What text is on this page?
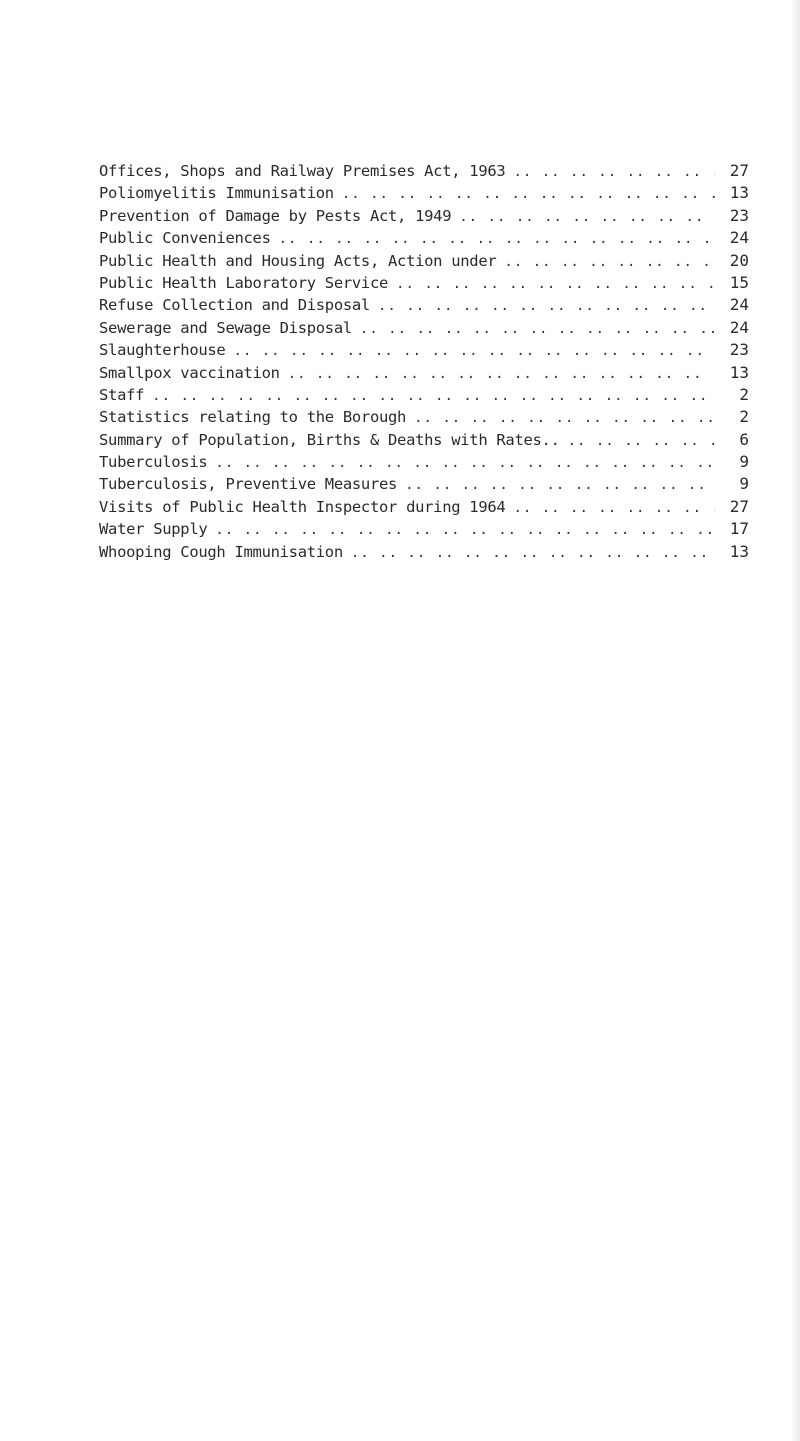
Offices, Shops and Railway Premises Act, 1963 .. ..	27
Poliomyelitis Immunisation .. ..	13
Prevention of Damage by Pests Act, 1949 .. ..	23
Public Conveniences .. ..	24
Public Health and Housing Acts, Action under .. ..	20
Public Health Laboratory Service .. ..	15
Refuse Collection and Disposal .. ..	24
Sewerage and Sewage Disposal .. ..	24
Slaughterhouse .. ..	23
Smallpox vaccination .. ..	13
Staff .. ..	2
Statistics relating to the Borough .. ..	2
Summary of Population, Births & Deaths with Rates.. .. ..	6
Tuberculosis .. ..	9
Tuberculosis, Preventive Measures .. ..	9
Visits of Public Health Inspector during 1964 .. ..	27
Water Supply .. ..	17
Whooping Cough Immunisation .. ..	13
